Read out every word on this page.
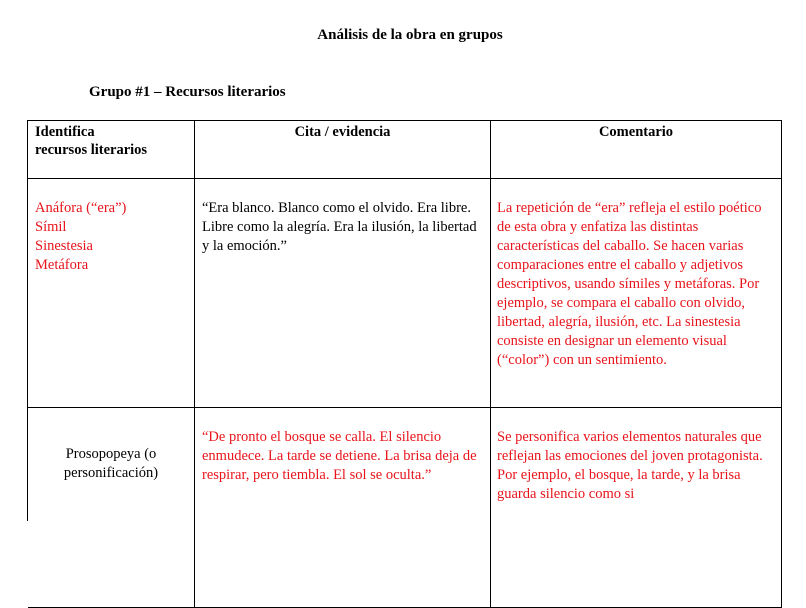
Análisis de la obra en grupos
Grupo #1 – Recursos literarios
Identifica
recursos literarios
Cita / evidencia	Comentario
Anáfora (“era”)
Símil
Sinestesia
Metáfora
“Era blanco. Blanco como el olvido. Era libre. Libre como la alegría. Era la ilusión, la libertad y la emoción.”
La repetición de “era” refleja el estilo poético de esta obra y enfatiza las distintas características del caballo. Se hacen varias comparaciones entre el caballo y adjetivos descriptivos, usando símiles y metáforas. Por ejemplo, se compara el caballo con olvido, libertad, alegría, ilusión, etc. La sinestesia consiste en designar un elemento visual (“color”) con un sentimiento.
Prosopopeya (o
personificación)
“De pronto el bosque se calla. El silencio enmudece. La tarde se detiene. La brisa deja de respirar, pero tiembla. El sol se oculta.”
Se personifica varios elementos naturales que reflejan las emociones del joven protagonista. Por ejemplo, el bosque, la tarde, y la brisa guarda silencio como si
